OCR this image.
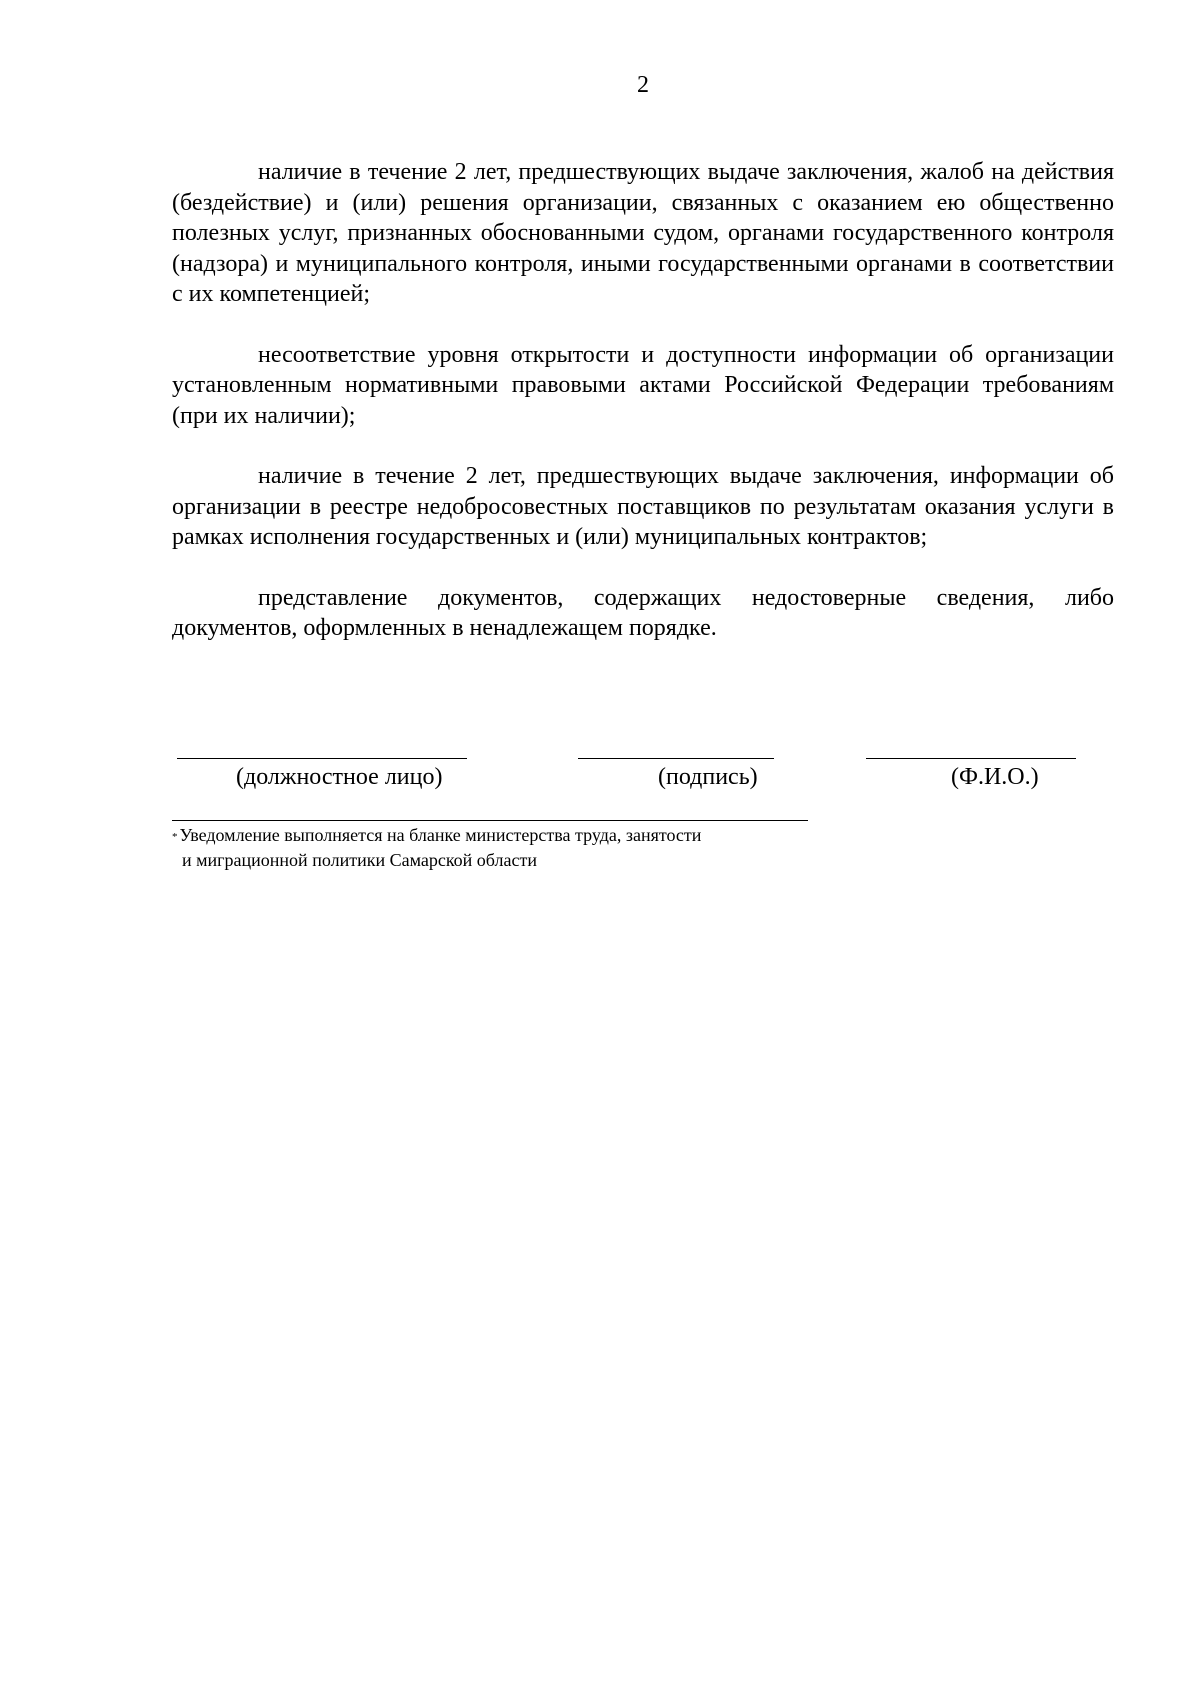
2

наличие в течение 2 лет, предшествующих выдаче заключения, жалоб на действия (бездействие) и (или) решения организации, связанных с оказанием ею общественно полезных услуг, признанных обоснованными судом, органами государственного контроля (надзора) и муниципального контроля, иными государственными органами в соответствии с их компетенцией;

несоответствие уровня открытости и доступности информации об организации установленным нормативными правовыми актами Российской Федерации требованиям (при их наличии);

наличие в течение 2 лет, предшествующих выдаче заключения, информации об организации в реестре недобросовестных поставщиков по результатам оказания услуги в рамках исполнения государственных и (или) муниципальных контрактов;

представление документов, содержащих недостоверные сведения, либо документов, оформленных в ненадлежащем порядке.

(должностное лицо)	(подпись)	(Ф.И.О.)
* Уведомление выполняется на бланке министерства труда, занятости
и миграционной политики Самарской области
